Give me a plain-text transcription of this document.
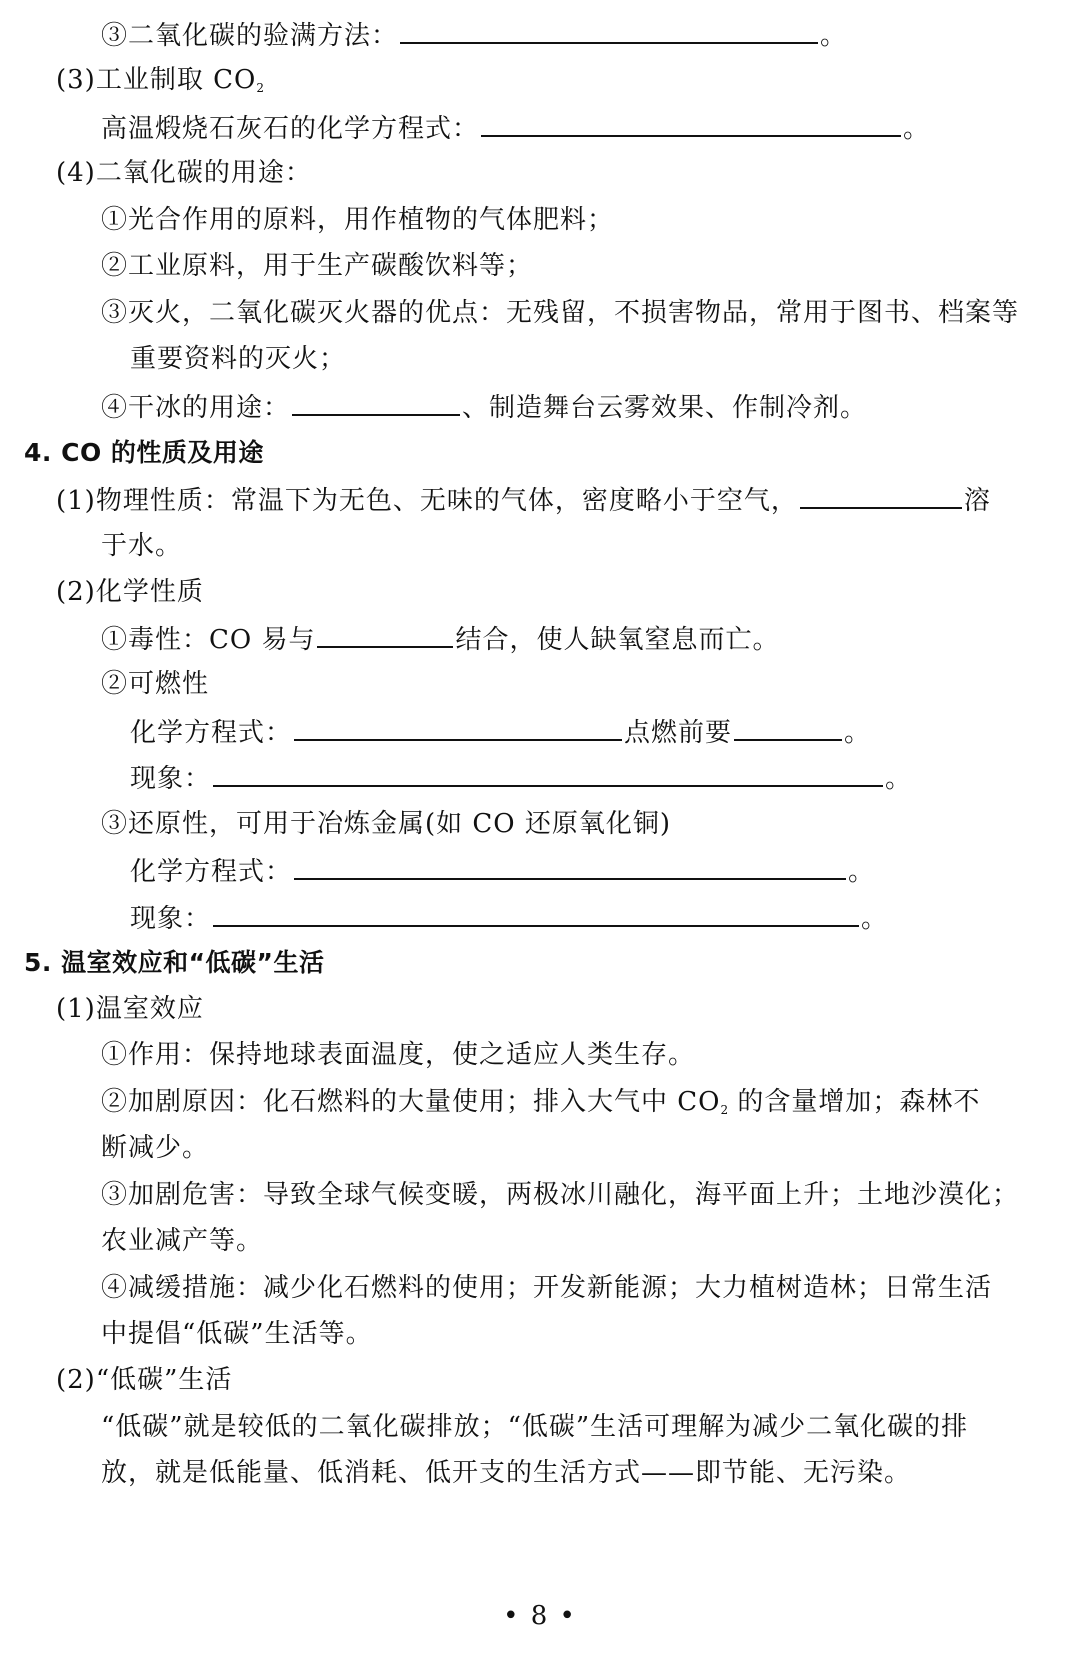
③二氧化碳的验满方法：	。
(3)工业制取 $CO_2$
高温煅烧石灰石的化学方程式：	。
(4)二氧化碳的用途：
①光合作用的原料，用作植物的气体肥料；
②工业原料，用于生产碳酸饮料等；
③灭火，二氧化碳灭火器的优点：无残留，不损害物品，常用于图书、档案等
重要资料的灭火；
④干冰的用途：	、制造舞台云雾效果、作制冷剂。
4. CO 的性质及用途
(1)物理性质：常温下为无色、无味的气体，密度略小于空气，	溶
于水。
(2)化学性质
①毒性：CO 易与	结合，使人缺氧窒息而亡。
②可燃性
化学方程式：	点燃前要	。
现象：	。
③还原性，可用于冶炼金属(如 CO 还原氧化铜)
化学方程式：	。
现象：	。
5. 温室效应和“低碳”生活
(1)温室效应
①作用：保持地球表面温度，使之适应人类生存。
②加剧原因：化石燃料的大量使用；排入大气中 $CO_2$ 的含量增加；森林不
断减少。
③加剧危害：导致全球气候变暖，两极冰川融化，海平面上升；土地沙漠化；
农业减产等。
④减缓措施：减少化石燃料的使用；开发新能源；大力植树造林；日常生活
中提倡“低碳”生活等。
(2)“低碳”生活
“低碳”就是较低的二氧化碳排放；“低碳”生活可理解为减少二氧化碳的排
放，就是低能量、低消耗、低开支的生活方式——即节能、无污染。
• 8 •
